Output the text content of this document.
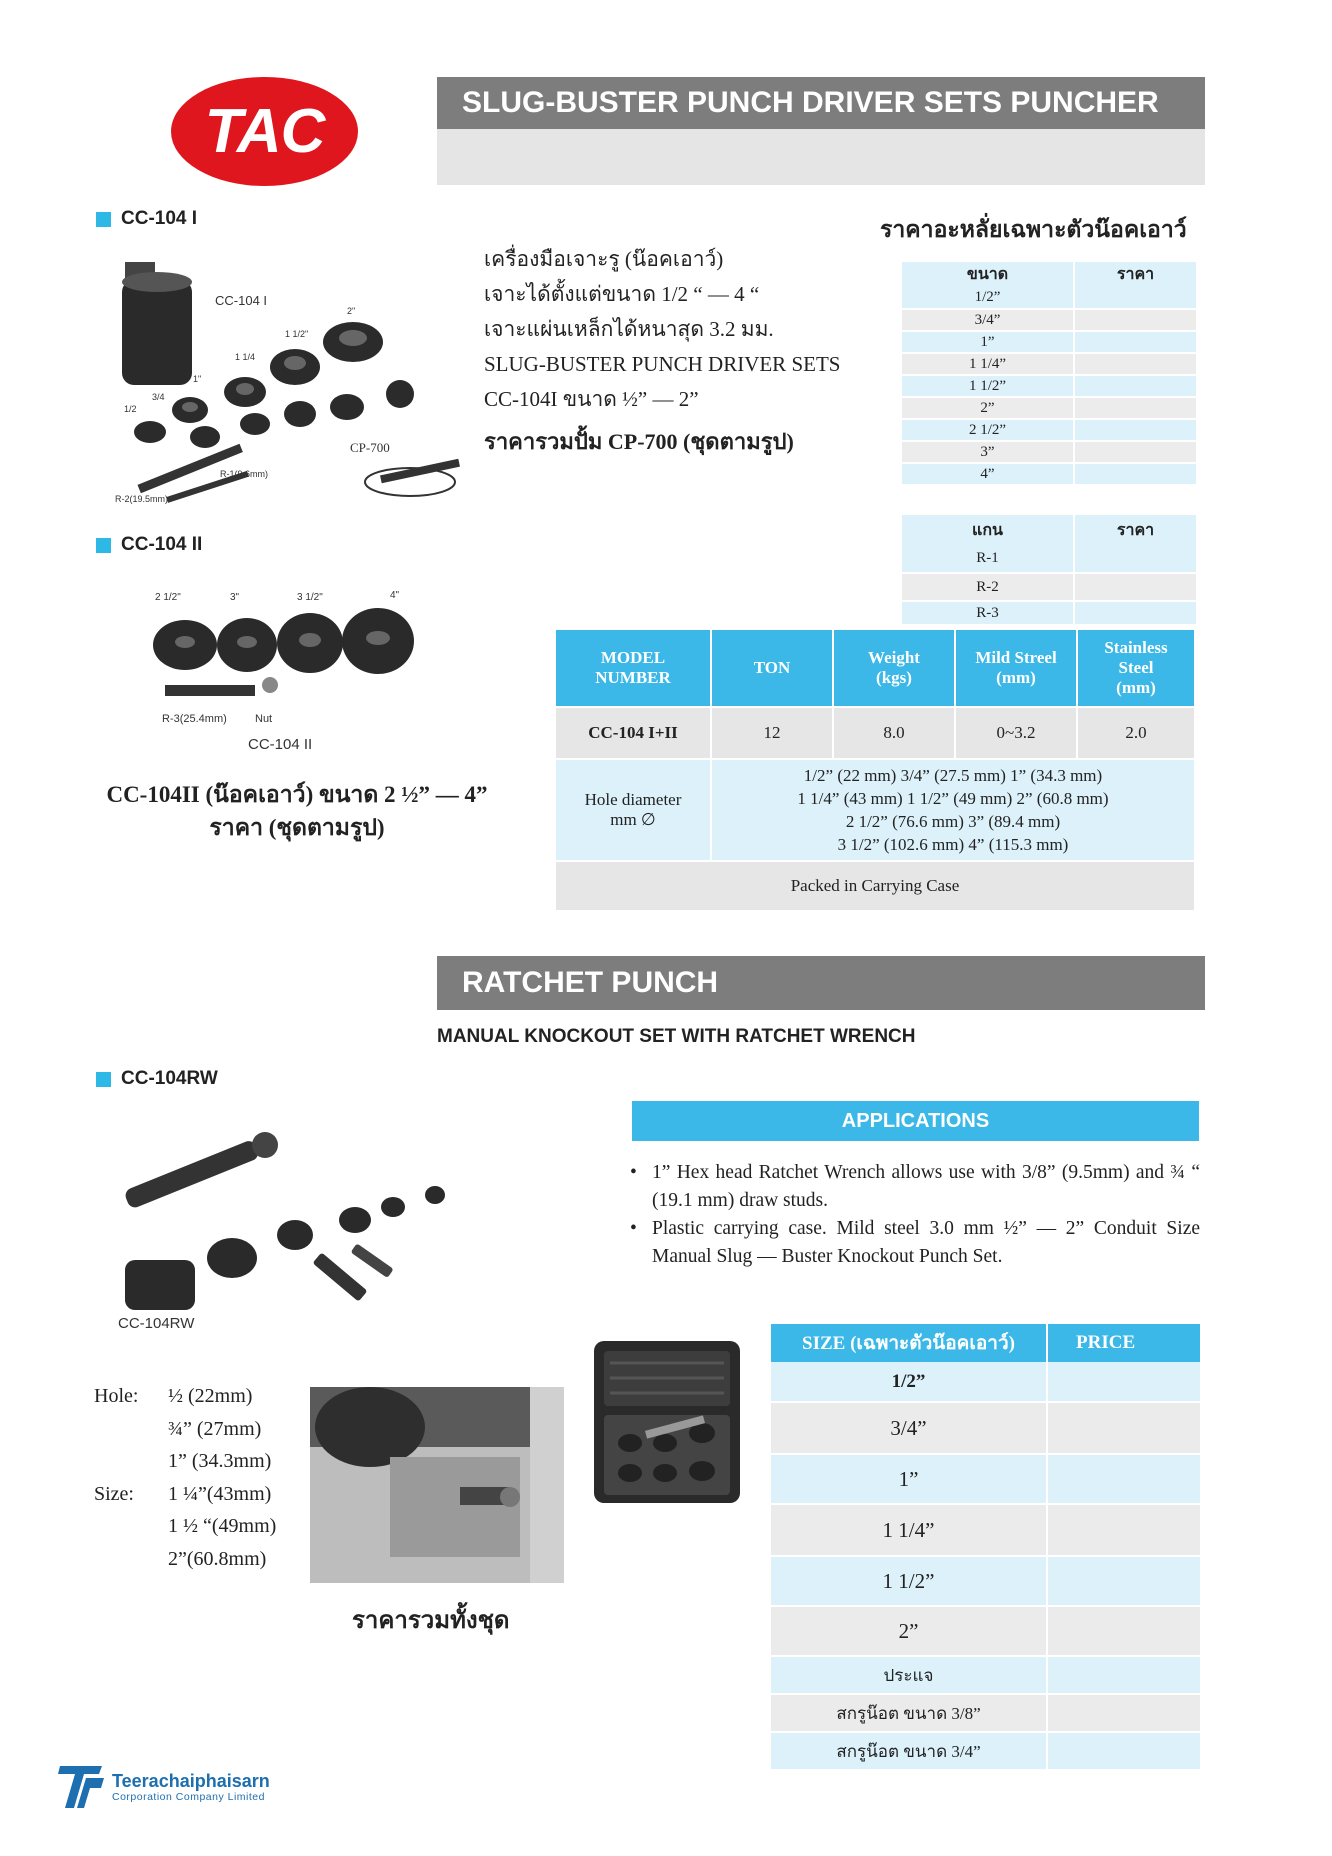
TAC	SLUG-BUSTER PUNCH DRIVER SETS PUNCHER
CC-104 I
CC-104 I
2"
1 1/2"
1 1/4
1"
3/4
1/2
R-1(9.6mm)
R-2(19.5mm)
CP-700
เครื่องมือเจาะรู (น๊อคเอาว์)
เจาะได้ตั้งแต่ขนาด 1/2 “ — 4 “
เจาะแผ่นเหล็กได้หนาสุด 3.2 มม.
SLUG-BUSTER PUNCH DRIVER SETS
CC-104I ขนาด ½” — 2”
ราคารวมปั้ม CP-700 (ชุดตามรูป)
ราคาอะหลั่ยเฉพาะตัวน๊อคเอาว์
ขนาด	ราคา
1/2”	
3/4”	
1”	
1 1/4”	
1 1/2”	
2”	
2 1/2”	
3”	
4”	
แกน	ราคา
R-1	
R-2	
R-3	
CC-104 II
2 1/2"	3"	3 1/2"	4"
R-3(25.4mm)	Nut
CC-104 II
CC-104II (น๊อคเอาว์) ขนาด 2 ½” — 4”
ราคา (ชุดตามรูป)
MODEL NUMBER	TON	Weight (kgs)	Mild Streel (mm)	Stainless Steel (mm)
CC-104 I+II	12	8.0	0~3.2	2.0
Hole diameter mm ∅	1/2” (22 mm) 3/4” (27.5 mm) 1” (34.3 mm)
1 1/4” (43 mm) 1 1/2” (49 mm) 2” (60.8 mm)
2 1/2” (76.6 mm) 3” (89.4 mm)
3 1/2” (102.6 mm) 4” (115.3 mm)			

Packed in Carrying Case				
RATCHET PUNCH
MANUAL KNOCKOUT SET WITH RATCHET WRENCH
CC-104RW
CC-104RW
APPLICATIONS
• 1” Hex head Ratchet Wrench allows use with 3/8” (9.5mm) and ¾ “ (19.1 mm) draw studs.
• Plastic carrying case. Mild steel 3.0 mm ½” — 2” Conduit Size Manual Slug — Buster Knockout Punch Set.
Hole:	½ (22mm)
¾” (27mm)
1” (34.3mm)
Size:	1 ¼”(43mm)
1 ½ “(49mm)
2”(60.8mm)
ราคารวมทั้งชุด
SIZE (เฉพาะตัวน๊อคเอาว์)	PRICE
1/2”	
3/4”	
1”	
1 1/4”	
1 1/2”	
2”	
ประแจ	
สกรูน๊อต ขนาด 3/8”	
สกรูน๊อต ขนาด 3/4”	
Teerachaiphaisarn
Corporation Company Limited
